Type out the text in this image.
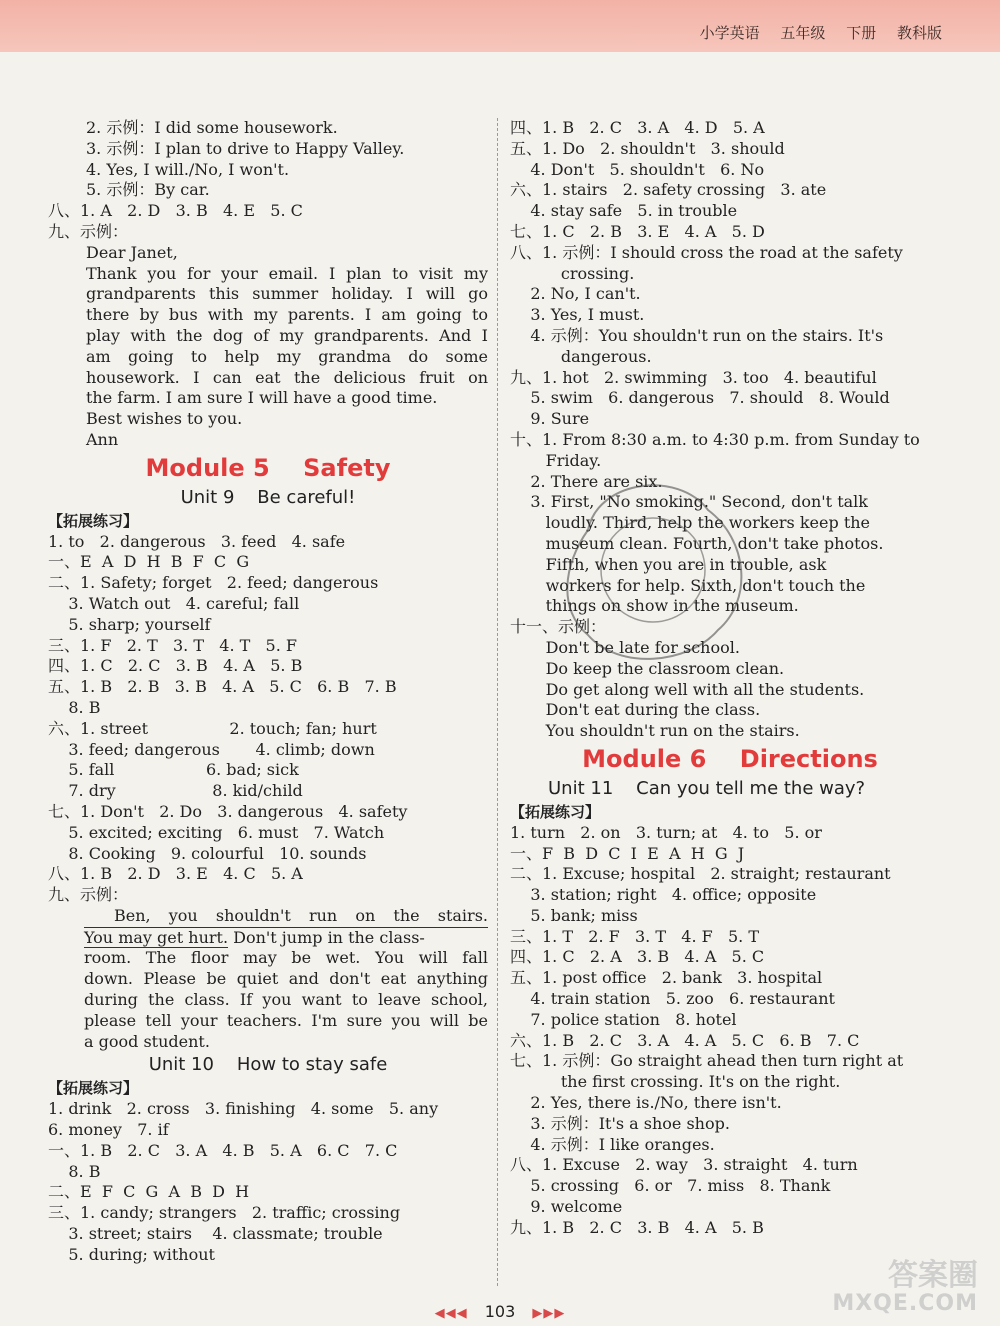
小学英语 五年级 下册 教科版
2. 示例：I did some housework.
3. 示例：I plan to drive to Happy Valley.
4. Yes, I will./No, I won't.
5. 示例：By car.
八、1. A   2. D   3. B   4. E   5. C
九、示例：
Dear Janet,
Thank you for your email. I plan to visit my
grandparents this summer holiday. I will go
there by bus with my parents. I am going to
play with the dog of my grandparents. And I
am going to help my grandma do some
housework. I can eat the delicious fruit on
the farm. I am sure I will have a good time.
Best wishes to you.
Ann
Module 5    Safety
Unit 9    Be careful!
【拓展练习】
1. to   2. dangerous   3. feed   4. safe
一、E  A  D  H  B  F  C  G
二、1. Safety; forget   2. feed; dangerous
3. Watch out   4. careful; fall
5. sharp; yourself
三、1. F   2. T   3. T   4. T   5. F
四、1. C   2. C   3. B   4. A   5. B
五、1. B   2. B   3. B   4. A   5. C   6. B   7. B
8. B
六、1. street                2. touch; fan; hurt
3. feed; dangerous       4. climb; down
5. fall                  6. bad; sick
7. dry                   8. kid/child
七、1. Don't   2. Do   3. dangerous   4. safety
5. excited; exciting   6. must   7. Watch
8. Cooking   9. colourful   10. sounds
八、1. B   2. D   3. E   4. C   5. A
九、示例：
Ben, you shouldn't run on the stairs.
You may get hurt. Don't jump in the class-
room. The floor may be wet. You will fall
down. Please be quiet and don't eat anything
during the class. If you want to leave school,
please tell your teachers. I'm sure you will be
a good student.
Unit 10    How to stay safe
【拓展练习】
1. drink   2. cross   3. finishing   4. some   5. any
6. money   7. if
一、1. B   2. C   3. A   4. B   5. A   6. C   7. C
8. B
二、E  F  C  G  A  B  D  H
三、1. candy; strangers   2. traffic; crossing
3. street; stairs    4. classmate; trouble
5. during; without
四、1. B   2. C   3. A   4. D   5. A
五、1. Do   2. shouldn't   3. should
4. Don't   5. shouldn't   6. No
六、1. stairs   2. safety crossing   3. ate
4. stay safe   5. in trouble
七、1. C   2. B   3. E   4. A   5. D
八、1. 示例：I should cross the road at the safety
crossing.
2. No, I can't.
3. Yes, I must.
4. 示例：You shouldn't run on the stairs. It's
dangerous.
九、1. hot   2. swimming   3. too   4. beautiful
5. swim   6. dangerous   7. should   8. Would
9. Sure
十、1. From 8:30 a.m. to 4:30 p.m. from Sunday to
Friday.
2. There are six.
3. First, "No smoking." Second, don't talk
loudly. Third, help the workers keep the
museum clean. Fourth, don't take photos.
Fifth, when you are in trouble, ask
workers for help. Sixth, don't touch the
things on show in the museum.
十一、示例：
Don't be late for school.
Do keep the classroom clean.
Do get along well with all the students.
Don't eat during the class.
You shouldn't run on the stairs.
Module 6    Directions
Unit 11    Can you tell me the way?
【拓展练习】
1. turn   2. on   3. turn; at   4. to   5. or
一、F  B  D  C  I  E  A  H  G  J
二、1. Excuse; hospital   2. straight; restaurant
3. station; right   4. office; opposite
5. bank; miss
三、1. T   2. F   3. T   4. F   5. T
四、1. C   2. A   3. B   4. A   5. C
五、1. post office   2. bank   3. hospital
4. train station   5. zoo   6. restaurant
7. police station   8. hotel
六、1. B   2. C   3. A   4. A   5. C   6. B   7. C
七、1. 示例：Go straight ahead then turn right at
the first crossing. It's on the right.
2. Yes, there is./No, there isn't.
3. 示例：It's a shoe shop.
4. 示例：I like oranges.
八、1. Excuse   2. way   3. straight   4. turn
5. crossing   6. or   7. miss   8. Thank
9. welcome
九、1. B   2. C   3. B   4. A   5. B
◀◀◀ 103 ▶▶▶
答案圈
MXQE.COM
